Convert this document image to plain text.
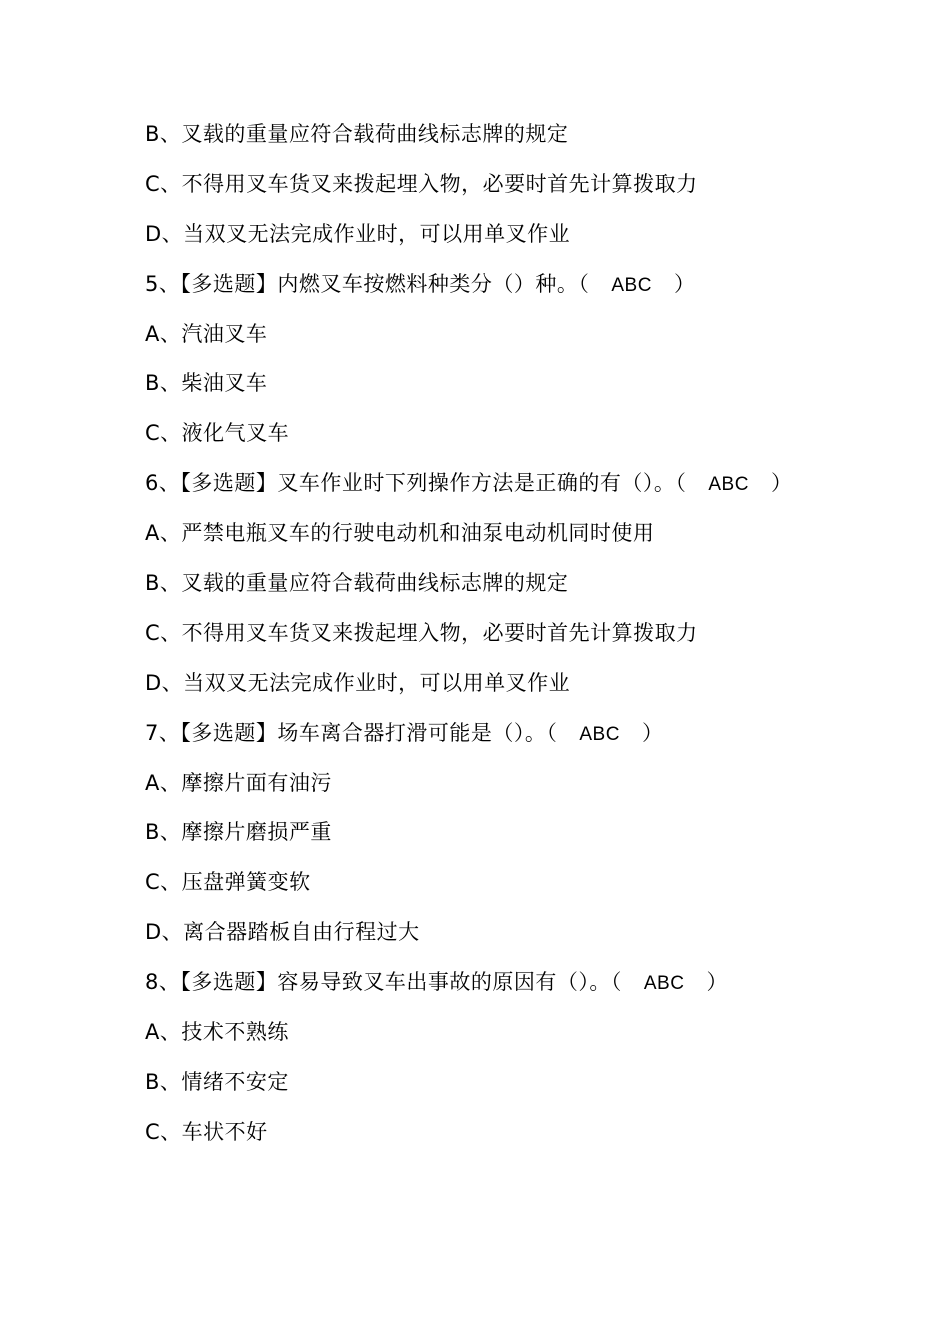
B、叉载的重量应符合载荷曲线标志牌的规定
C、不得用叉车货叉来拨起埋入物，必要时首先计算拨取力
D、当双叉无法完成作业时，可以用单叉作业
5、【多选题】内燃叉车按燃料种类分（）种。（ ABC ）
A、汽油叉车
B、柴油叉车
C、液化气叉车
6、【多选题】叉车作业时下列操作方法是正确的有（）。（ ABC ）
A、严禁电瓶叉车的行驶电动机和油泵电动机同时使用
B、叉载的重量应符合载荷曲线标志牌的规定
C、不得用叉车货叉来拨起埋入物，必要时首先计算拨取力
D、当双叉无法完成作业时，可以用单叉作业
7、【多选题】场车离合器打滑可能是（）。（ ABC ）
A、摩擦片面有油污
B、摩擦片磨损严重
C、压盘弹簧变软
D、离合器踏板自由行程过大
8、【多选题】容易导致叉车出事故的原因有（）。（ ABC ）
A、技术不熟练
B、情绪不安定
C、车状不好
